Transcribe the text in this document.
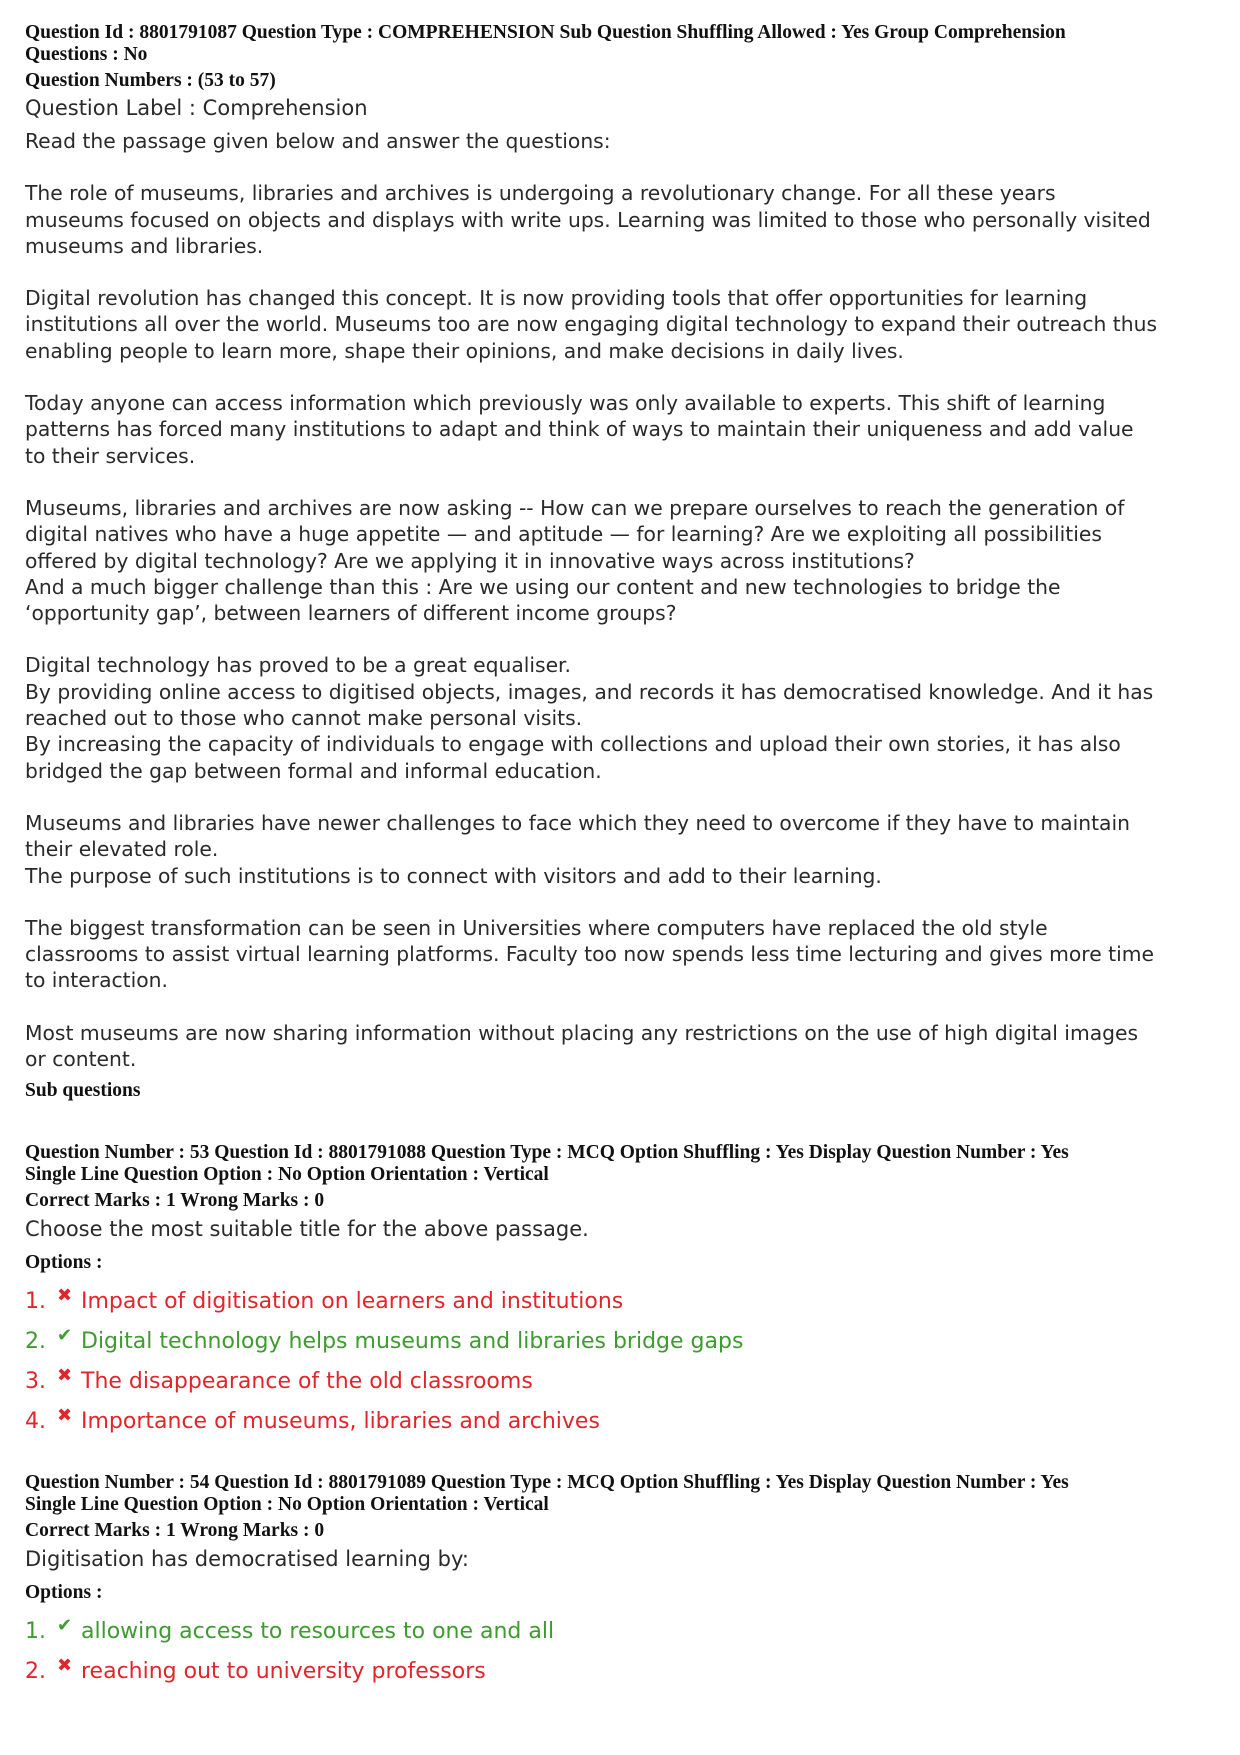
Question Id : 8801791087 Question Type : COMPREHENSION Sub Question Shuffling Allowed : Yes Group Comprehension
Questions : No
Question Numbers : (53 to 57)
Question Label : Comprehension
Read the passage given below and answer the questions:
The role of museums, libraries and archives is undergoing a revolutionary change. For all these years
museums focused on objects and displays with write ups. Learning was limited to those who personally visited
museums and libraries.
Digital revolution has changed this concept. It is now providing tools that offer opportunities for learning
institutions all over the world. Museums too are now engaging digital technology to expand their outreach thus
enabling people to learn more, shape their opinions, and make decisions in daily lives.
Today anyone can access information which previously was only available to experts. This shift of learning
patterns has forced many institutions to adapt and think of ways to maintain their uniqueness and add value
to their services.
Museums, libraries and archives are now asking -- How can we prepare ourselves to reach the generation of
digital natives who have a huge appetite — and aptitude — for learning? Are we exploiting all possibilities
offered by digital technology? Are we applying it in innovative ways across institutions?
And a much bigger challenge than this : Are we using our content and new technologies to bridge the
‘opportunity gap’, between learners of different income groups?
Digital technology has proved to be a great equaliser.
By providing online access to digitised objects, images, and records it has democratised knowledge. And it has
reached out to those who cannot make personal visits.
By increasing the capacity of individuals to engage with collections and upload their own stories, it has also
bridged the gap between formal and informal education.
Museums and libraries have newer challenges to face which they need to overcome if they have to maintain
their elevated role.
The purpose of such institutions is to connect with visitors and add to their learning.
The biggest transformation can be seen in Universities where computers have replaced the old style
classrooms to assist virtual learning platforms. Faculty too now spends less time lecturing and gives more time
to interaction.
Most museums are now sharing information without placing any restrictions on the use of high digital images
or content.
Sub questions
Question Number : 53 Question Id : 8801791088 Question Type : MCQ Option Shuffling : Yes Display Question Number : Yes
Single Line Question Option : No Option Orientation : Vertical
Correct Marks : 1 Wrong Marks : 0
Choose the most suitable title for the above passage.
Options :
1. ✖ Impact of digitisation on learners and institutions
2. ✔ Digital technology helps museums and libraries bridge gaps
3. ✖ The disappearance of the old classrooms
4. ✖ Importance of museums, libraries and archives
Question Number : 54 Question Id : 8801791089 Question Type : MCQ Option Shuffling : Yes Display Question Number : Yes
Single Line Question Option : No Option Orientation : Vertical
Correct Marks : 1 Wrong Marks : 0
Digitisation has democratised learning by:
Options :
1. ✔ allowing access to resources to one and all
2. ✖ reaching out to university professors
